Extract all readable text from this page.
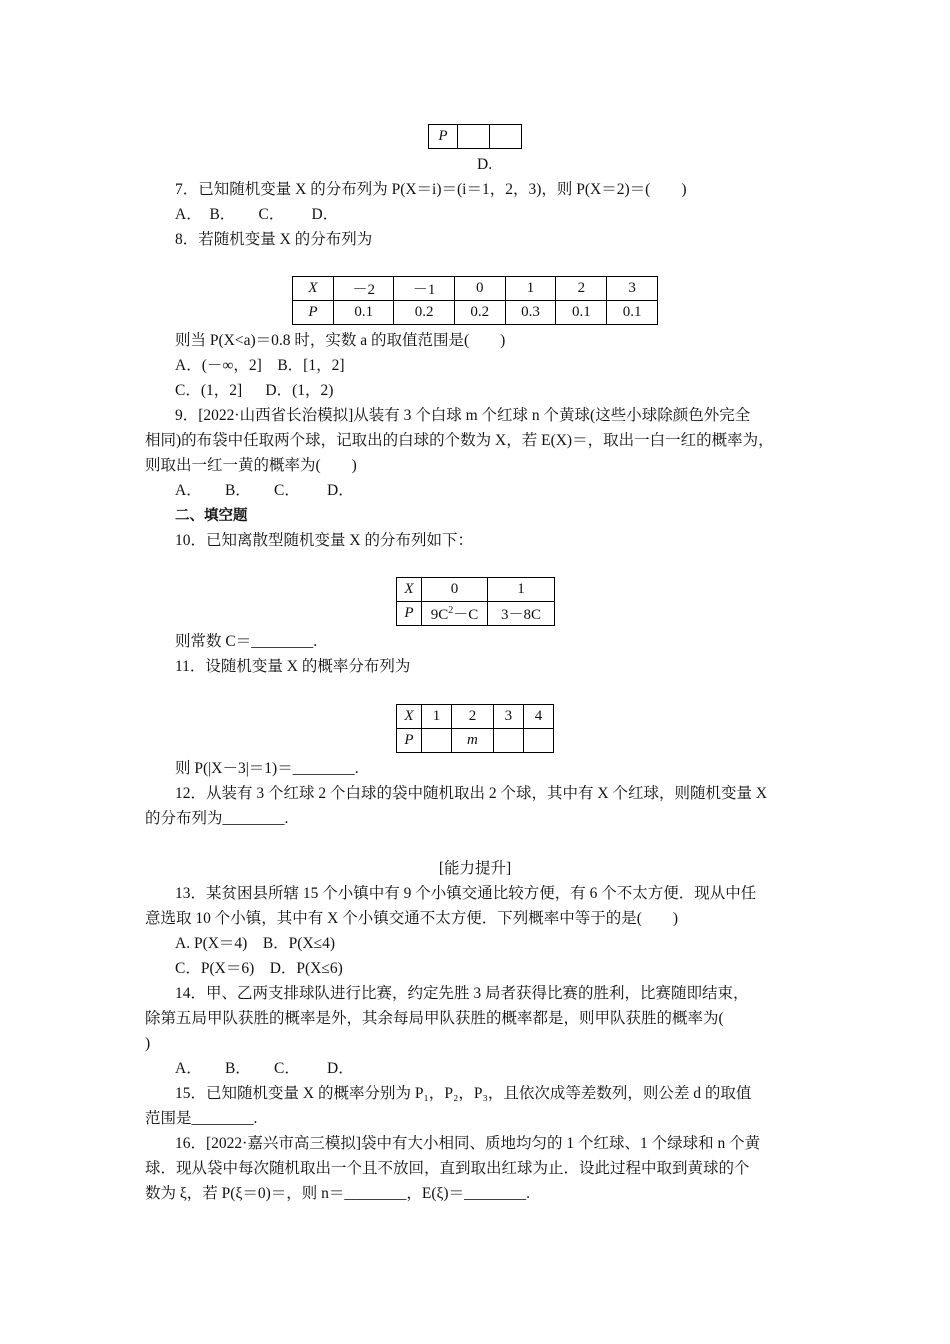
P		
D.
7．已知随机变量 X 的分布列为 P(X＝i)＝(i＝1，2，3)，则 P(X＝2)＝(　　)
A．  B．      C．       D．
8．若随机变量 X 的分布列为
X	－2	－1	0	1	2	3
P	0.1	0.2	0.2	0.3	0.1	0.1
则当 P(X<a)＝0.8 时，实数 a 的取值范围是(　　)
A．(－∞，2]　B．[1，2]
C．(1，2]　  D．(1，2)
9．[2022·山西省长治模拟]从装有 3 个白球 m 个红球 n 个黄球(这些小球除颜色外完全
相同)的布袋中任取两个球，记取出的白球的个数为 X，若 E(X)＝，取出一白一红的概率为，
则取出一红一黄的概率为(　　)
A．      B．      C．       D．
二、填空题
10．已知离散型随机变量 X 的分布列如下：
X	0	1
P	$9C^2-C$	3－8C
则常数 C＝________.
11．设随机变量 X 的概率分布列为
X	1	2	3	4
P		m		
则 P(|X－3|＝1)＝________.
12．从装有 3 个红球 2 个白球的袋中随机取出 2 个球，其中有 X 个红球，则随机变量 X
的分布列为________.
[能力提升]
13．某贫困县所辖 15 个小镇中有 9 个小镇交通比较方便，有 6 个不太方便．现从中任
意选取 10 个小镇，其中有 X 个小镇交通不太方便．下列概率中等于的是(　　)
A. P(X＝4)　B．P(X≤4)
C．P(X＝6)　D．P(X≤6)
14．甲、乙两支排球队进行比赛，约定先胜 3 局者获得比赛的胜利，比赛随即结束，
除第五局甲队获胜的概率是外，其余每局甲队获胜的概率都是，则甲队获胜的概率为(
)
A．      B．      C．       D．
15．已知随机变量 X 的概率分别为 P₁，P₂，P₃，且依次成等差数列，则公差 d 的取值
范围是________.
16．[2022·嘉兴市高三模拟]袋中有大小相同、质地均匀的 1 个红球、1 个绿球和 n 个黄
球．现从袋中每次随机取出一个且不放回，直到取出红球为止．设此过程中取到黄球的个
数为 ξ，若 P(ξ＝0)＝，则 n＝________，E(ξ)＝________.
